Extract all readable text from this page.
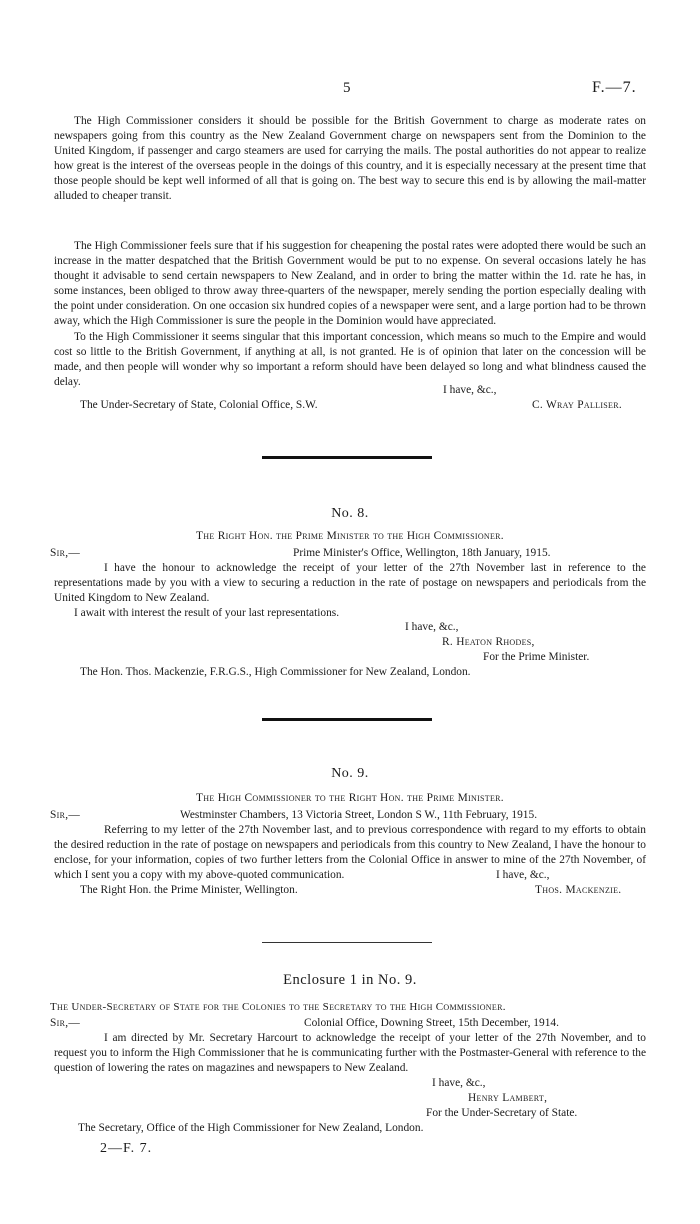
5	F.—7.
The High Commissioner considers it should be possible for the British Government to charge as moderate rates on newspapers going from this country as the New Zealand Government charge on newspapers sent from the Dominion to the United Kingdom, if passenger and cargo steamers are used for carrying the mails. The postal authorities do not appear to realize how great is the interest of the overseas people in the doings of this country, and it is especially necessary at the present time that those people should be kept well informed of all that is going on. The best way to secure this end is by allowing the mail-matter alluded to cheaper transit.
The High Commissioner feels sure that if his suggestion for cheapening the postal rates were adopted there would be such an increase in the matter despatched that the British Government would be put to no expense. On several occasions lately he has thought it advisable to send certain newspapers to New Zealand, and in order to bring the matter within the 1d. rate he has, in some instances, been obliged to throw away three-quarters of the newspaper, merely sending the portion especially dealing with the point under consideration. On one occasion six hundred copies of a newspaper were sent, and a large portion had to be thrown away, which the High Commissioner is sure the people in the Dominion would have appreciated.
To the High Commissioner it seems singular that this important concession, which means so much to the Empire and would cost so little to the British Government, if anything at all, is not granted. He is of opinion that later on the concession will be made, and then people will wonder why so important a reform should have been delayed so long and what blindness caused the delay.
I have, &c.,
The Under-Secretary of State, Colonial Office, S.W.	C. Wray Palliser.
No. 8.
The Right Hon. the Prime Minister to the High Commissioner.
Sir,—	Prime Minister's Office, Wellington, 18th January, 1915.
I have the honour to acknowledge the receipt of your letter of the 27th November last in reference to the representations made by you with a view to securing a reduction in the rate of postage on newspapers and periodicals from the United Kingdom to New Zealand.
I await with interest the result of your last representations.
I have, &c.,
R. Heaton Rhodes,
For the Prime Minister.
The Hon. Thos. Mackenzie, F.R.G.S., High Commissioner for New Zealand, London.
No. 9.
The High Commissioner to the Right Hon. the Prime Minister.
Sir,—	Westminster Chambers, 13 Victoria Street, London S W., 11th February, 1915.
Referring to my letter of the 27th November last, and to previous correspondence with regard to my efforts to obtain the desired reduction in the rate of postage on newspapers and periodicals from this country to New Zealand, I have the honour to enclose, for your information, copies of two further letters from the Colonial Office in answer to mine of the 27th November, of which I sent you a copy with my above-quoted communication.	I have, &c.,
The Right Hon. the Prime Minister, Wellington.	Thos. Mackenzie.
Enclosure 1 in No. 9.
The Under-Secretary of State for the Colonies to the Secretary to the High Commissioner.
Sir,—	Colonial Office, Downing Street, 15th December, 1914.
I am directed by Mr. Secretary Harcourt to acknowledge the receipt of your letter of the 27th November, and to request you to inform the High Commissioner that he is communicating further with the Postmaster-General with reference to the question of lowering the rates on magazines and newspapers to New Zealand.
I have, &c.,
Henry Lambert,
For the Under-Secretary of State.
The Secretary, Office of the High Commissioner for New Zealand, London.
2—F. 7.
